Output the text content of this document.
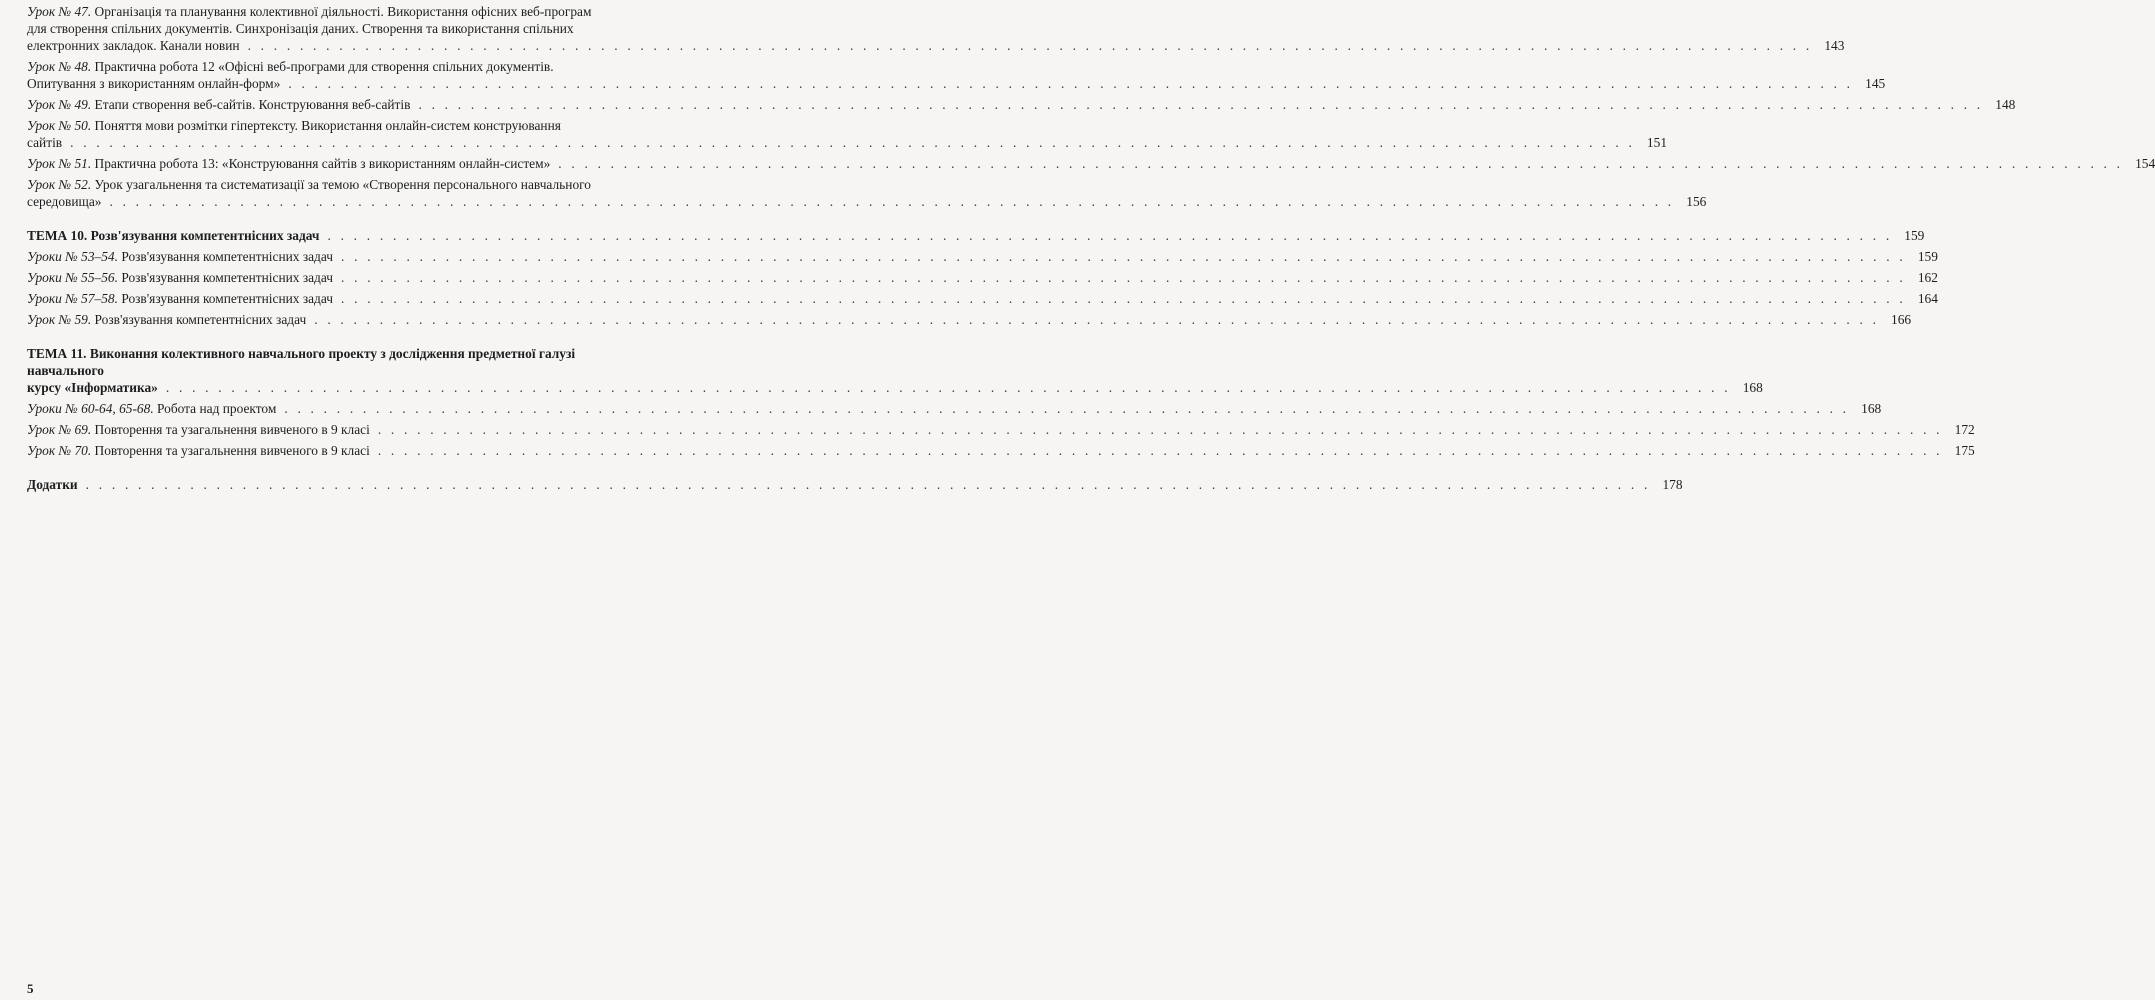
Урок № 47. Організація та планування колективної діяльності. Використання офісних веб-програм
для створення спільних документів. Синхронізація даних. Створення та використання спільних
електронних закладок. Канали новин . . . . . . . . . . . . . . . . . . . . . . . . . . . . . . . . . . . . . . . . . . . . . . . . . . . . . . . . . . . . . . . . . . . . . . . . . . . . . . . . . . . . . . . . . . . . . . . . . . . . . . . . . . . . . . . . . . . . . . . . 143
Урок № 48. Практична робота 12 «Офісні веб-програми для створення спільних документів.
Опитування з використанням онлайн-форм» . . . . . . . . . . . . . . . . . . . . . . . . . . . . . . . . . . . . . . . . . . . . . . . . . . . . . . . . . . . . . . . . . . . . . . . . . . . . . . . . . . . . . . . . . . . . . . . . . . . . . . . . . . . . . . . . . . . . . . . . 145
Урок № 49. Етапи створення веб-сайтів. Конструювання веб-сайтів . . . . . . . . . . . . . . . . . . . . . . . . . . . . . . . . . . . . . . . . . . . . . . . . . . . . . . . . . . . . . . . . . . . . . . . . . . . . . . . . . . . . . . . . . . . . . . . . . . . . . . . . . . . . . . . . . . . . . . . . 148
Урок № 50. Поняття мови розмітки гіпертексту. Використання онлайн-систем конструювання
сайтів . . . . . . . . . . . . . . . . . . . . . . . . . . . . . . . . . . . . . . . . . . . . . . . . . . . . . . . . . . . . . . . . . . . . . . . . . . . . . . . . . . . . . . . . . . . . . . . . . . . . . . . . . . . . . . . . . . . . . . . . 151
Урок № 51. Практична робота 13: «Конструювання сайтів з використанням онлайн-систем» . . . . . . . . . . . . . . . . . . . . . . . . . . . . . . . . . . . . . . . . . . . . . . . . . . . . . . . . . . . . . . . . . . . . . . . . . . . . . . . . . . . . . . . . . . . . . . . . . . . . . . . . . . . . . . . . . . . . . . . . 154
Урок № 52. Урок узагальнення та систематизації за темою «Створення персонального навчального
середовища» . . . . . . . . . . . . . . . . . . . . . . . . . . . . . . . . . . . . . . . . . . . . . . . . . . . . . . . . . . . . . . . . . . . . . . . . . . . . . . . . . . . . . . . . . . . . . . . . . . . . . . . . . . . . . . . . . . . . . . . . 156
ТЕМА 10. Розв'язування компетентнісних задач . . . . . . . . . . . . . . . . . . . . . . . . . . . . . . . . . . . . . . . . . . . . . . . . . . . . . . . . . . . . . . . . . . . . . . . . . . . . . . . . . . . . . . . . . . . . . . . . . . . . . . . . . . . . . . . . . . . . . . . . 159
Уроки № 53–54. Розв'язування компетентнісних задач . . . . . . . . . . . . . . . . . . . . . . . . . . . . . . . . . . . . . . . . . . . . . . . . . . . . . . . . . . . . . . . . . . . . . . . . . . . . . . . . . . . . . . . . . . . . . . . . . . . . . . . . . . . . . . . . . . . . . . . . 159
Уроки № 55–56. Розв'язування компетентнісних задач . . . . . . . . . . . . . . . . . . . . . . . . . . . . . . . . . . . . . . . . . . . . . . . . . . . . . . . . . . . . . . . . . . . . . . . . . . . . . . . . . . . . . . . . . . . . . . . . . . . . . . . . . . . . . . . . . . . . . . . . 162
Уроки № 57–58. Розв'язування компетентнісних задач . . . . . . . . . . . . . . . . . . . . . . . . . . . . . . . . . . . . . . . . . . . . . . . . . . . . . . . . . . . . . . . . . . . . . . . . . . . . . . . . . . . . . . . . . . . . . . . . . . . . . . . . . . . . . . . . . . . . . . . . 164
Урок № 59. Розв'язування компетентнісних задач . . . . . . . . . . . . . . . . . . . . . . . . . . . . . . . . . . . . . . . . . . . . . . . . . . . . . . . . . . . . . . . . . . . . . . . . . . . . . . . . . . . . . . . . . . . . . . . . . . . . . . . . . . . . . . . . . . . . . . . . 166
ТЕМА 11. Виконання колективного навчального проекту з дослідження предметної галузі навчального
курсу «Інформатика» . . . . . . . . . . . . . . . . . . . . . . . . . . . . . . . . . . . . . . . . . . . . . . . . . . . . . . . . . . . . . . . . . . . . . . . . . . . . . . . . . . . . . . . . . . . . . . . . . . . . . . . . . . . . . . . . . . . . . . . . 168
Уроки № 60-64, 65-68. Робота над проектом . . . . . . . . . . . . . . . . . . . . . . . . . . . . . . . . . . . . . . . . . . . . . . . . . . . . . . . . . . . . . . . . . . . . . . . . . . . . . . . . . . . . . . . . . . . . . . . . . . . . . . . . . . . . . . . . . . . . . . . . 168
Урок № 69. Повторення та узагальнення вивченого в 9 класі . . . . . . . . . . . . . . . . . . . . . . . . . . . . . . . . . . . . . . . . . . . . . . . . . . . . . . . . . . . . . . . . . . . . . . . . . . . . . . . . . . . . . . . . . . . . . . . . . . . . . . . . . . . . . . . . . . . . . . . . 172
Урок № 70. Повторення та узагальнення вивченого в 9 класі . . . . . . . . . . . . . . . . . . . . . . . . . . . . . . . . . . . . . . . . . . . . . . . . . . . . . . . . . . . . . . . . . . . . . . . . . . . . . . . . . . . . . . . . . . . . . . . . . . . . . . . . . . . . . . . . . . . . . . . . 175
Додатки . . . . . . . . . . . . . . . . . . . . . . . . . . . . . . . . . . . . . . . . . . . . . . . . . . . . . . . . . . . . . . . . . . . . . . . . . . . . . . . . . . . . . . . . . . . . . . . . . . . . . . . . . . . . . . . . . . . . . . . . 178
5
